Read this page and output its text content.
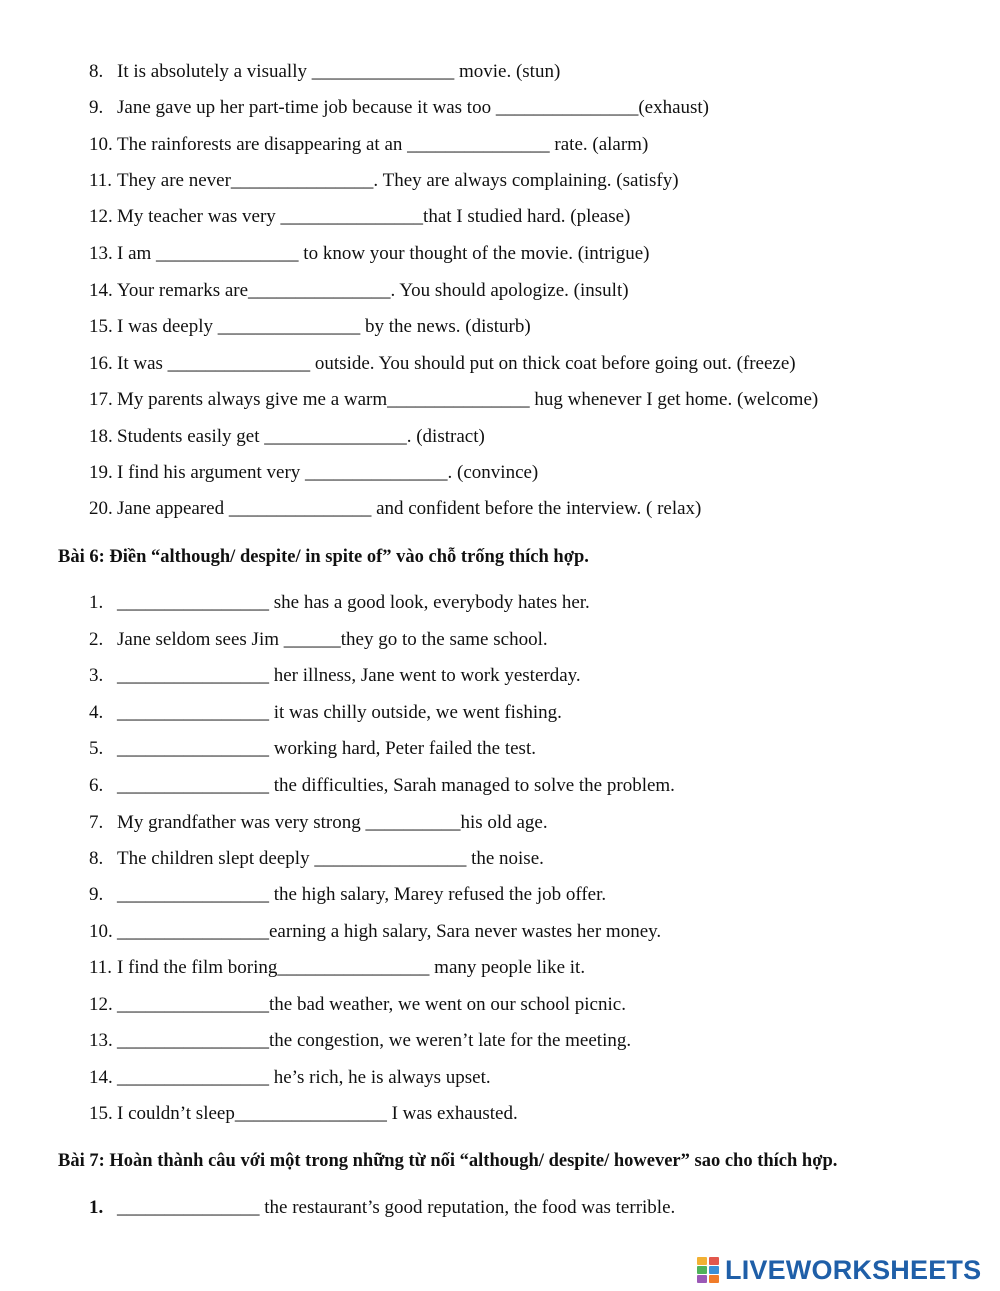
8. It is absolutely a visually _______________ movie. (stun)
9. Jane gave up her part-time job because it was too _______________(exhaust)
10. The rainforests are disappearing at an _______________ rate. (alarm)
11. They are never_______________. They are always complaining. (satisfy)
12. My teacher was very _______________that I studied hard. (please)
13. I am _______________ to know your thought of the movie. (intrigue)
14. Your remarks are_______________. You should apologize. (insult)
15. I was deeply _______________ by the news. (disturb)
16. It was _______________ outside. You should put on thick coat before going out. (freeze)
17. My parents always give me a warm_______________ hug whenever I get home. (welcome)
18. Students easily get _______________. (distract)
19. I find his argument very _______________. (convince)
20. Jane appeared _______________ and confident before the interview. ( relax)
Bài 6: Điền “although/ despite/ in spite of” vào chỗ trống thích hợp.
1. ________________ she has a good look, everybody hates her.
2. Jane seldom sees Jim ______they go to the same school.
3. ________________ her illness, Jane went to work yesterday.
4. ________________ it was chilly outside, we went fishing.
5. ________________ working hard, Peter failed the test.
6. ________________ the difficulties, Sarah managed to solve the problem.
7. My grandfather was very strong __________his old age.
8. The children slept deeply ________________ the noise.
9. ________________ the high salary, Marey refused the job offer.
10. ________________earning a high salary, Sara never wastes her money.
11. I find the film boring________________ many people like it.
12. ________________the bad weather, we went on our school picnic.
13. ________________the congestion, we weren’t late for the meeting.
14. ________________ he’s rich, he is always upset.
15. I couldn’t sleep________________ I was exhausted.
Bài 7: Hoàn thành câu với một trong những từ nối “although/ despite/ however” sao cho thích hợp.
1. _______________ the restaurant’s good reputation, the food was terrible.
LIVEWORKSHEETS
